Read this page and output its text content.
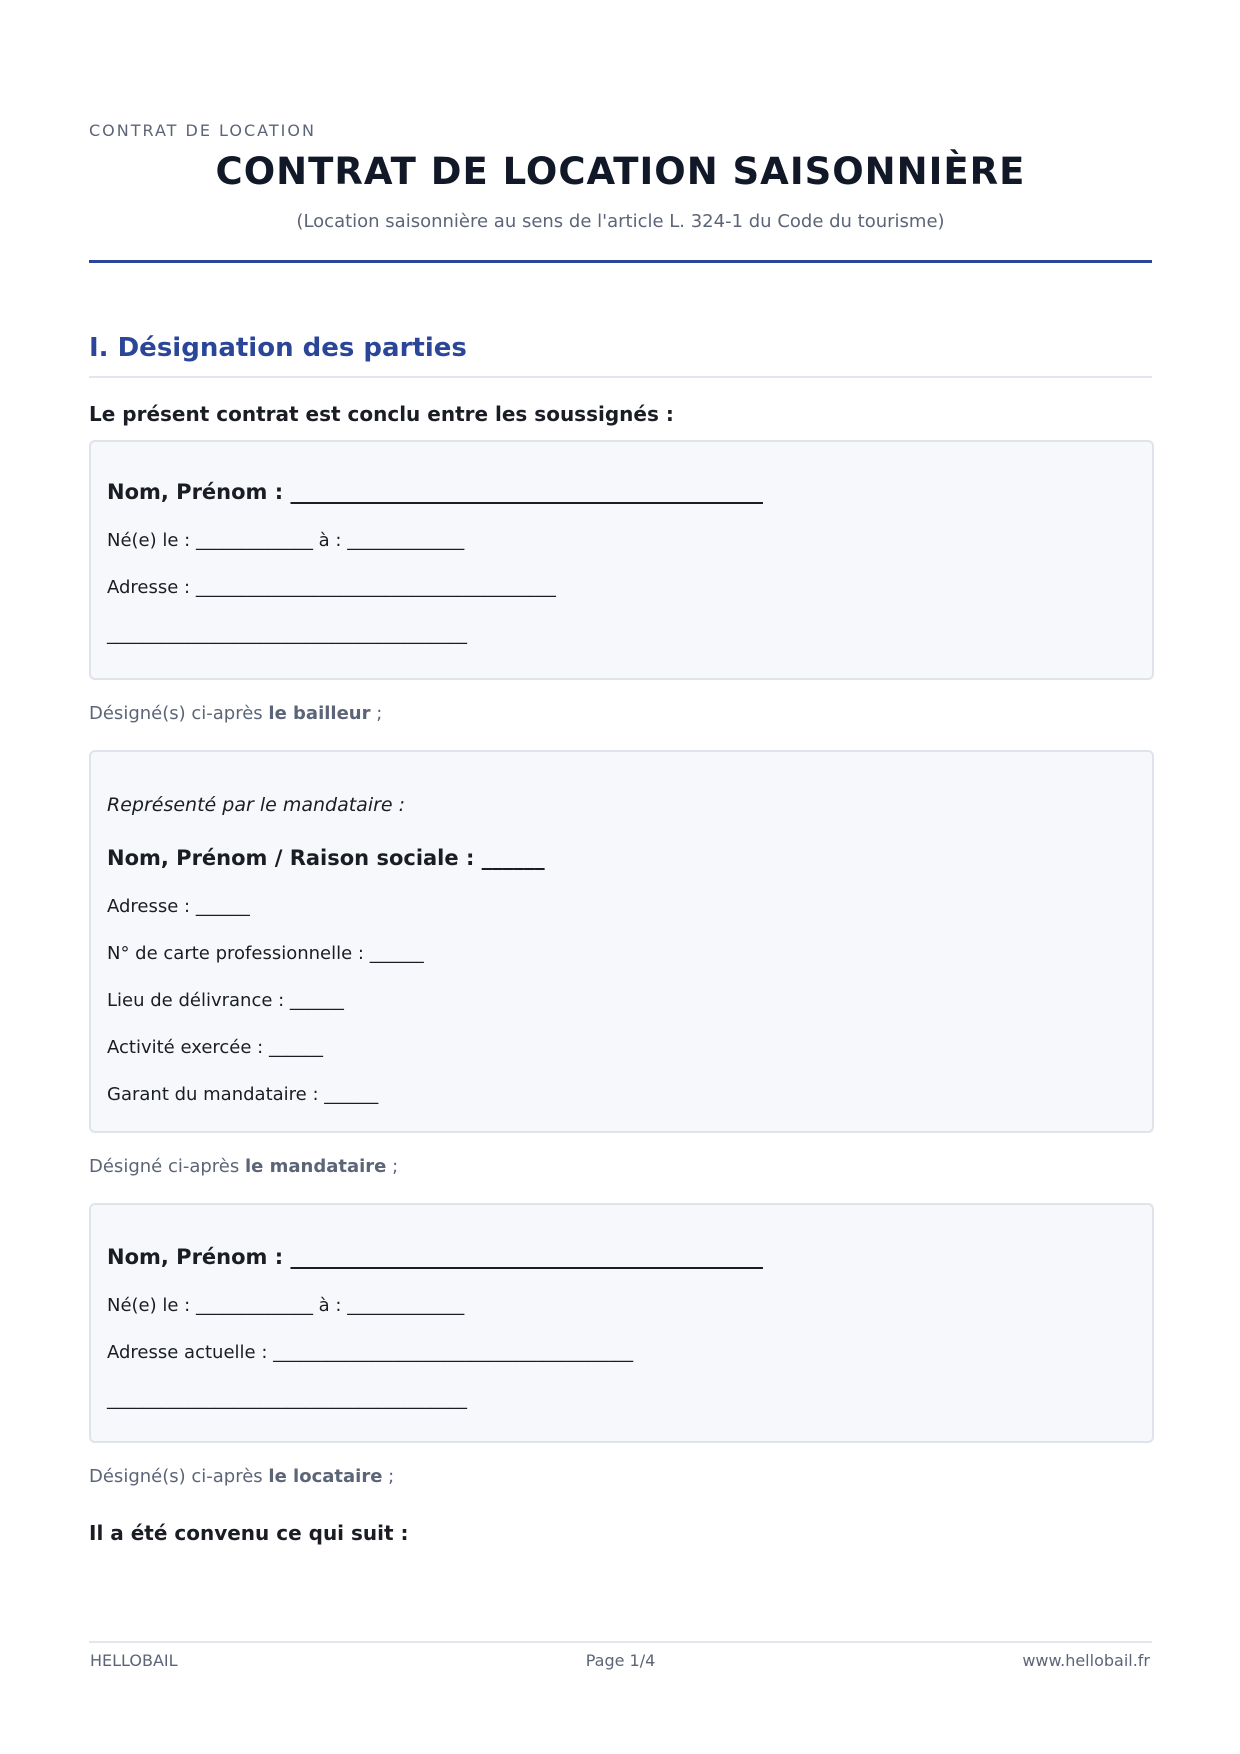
CONTRAT DE LOCATION
CONTRAT DE LOCATION SAISONNIÈRE
(Location saisonnière au sens de l'article L. 324-1 du Code du tourisme)
I. Désignation des parties
Le présent contrat est conclu entre les soussignés :
Nom, Prénom : _____________________________________________
Né(e) le : _____________ à : _____________
Adresse : ________________________________________
________________________________________
Désigné(s) ci-après le bailleur ;
Représenté par le mandataire :
Nom, Prénom / Raison sociale : ______
Adresse : ______
N° de carte professionnelle : ______
Lieu de délivrance : ______
Activité exercée : ______
Garant du mandataire : ______
Désigné ci-après le mandataire ;
Nom, Prénom : _____________________________________________
Né(e) le : _____________ à : _____________
Adresse actuelle : ________________________________________
________________________________________
Désigné(s) ci-après le locataire ;
Il a été convenu ce qui suit :
HELLOBAIL	Page 1/4	www.hellobail.fr
